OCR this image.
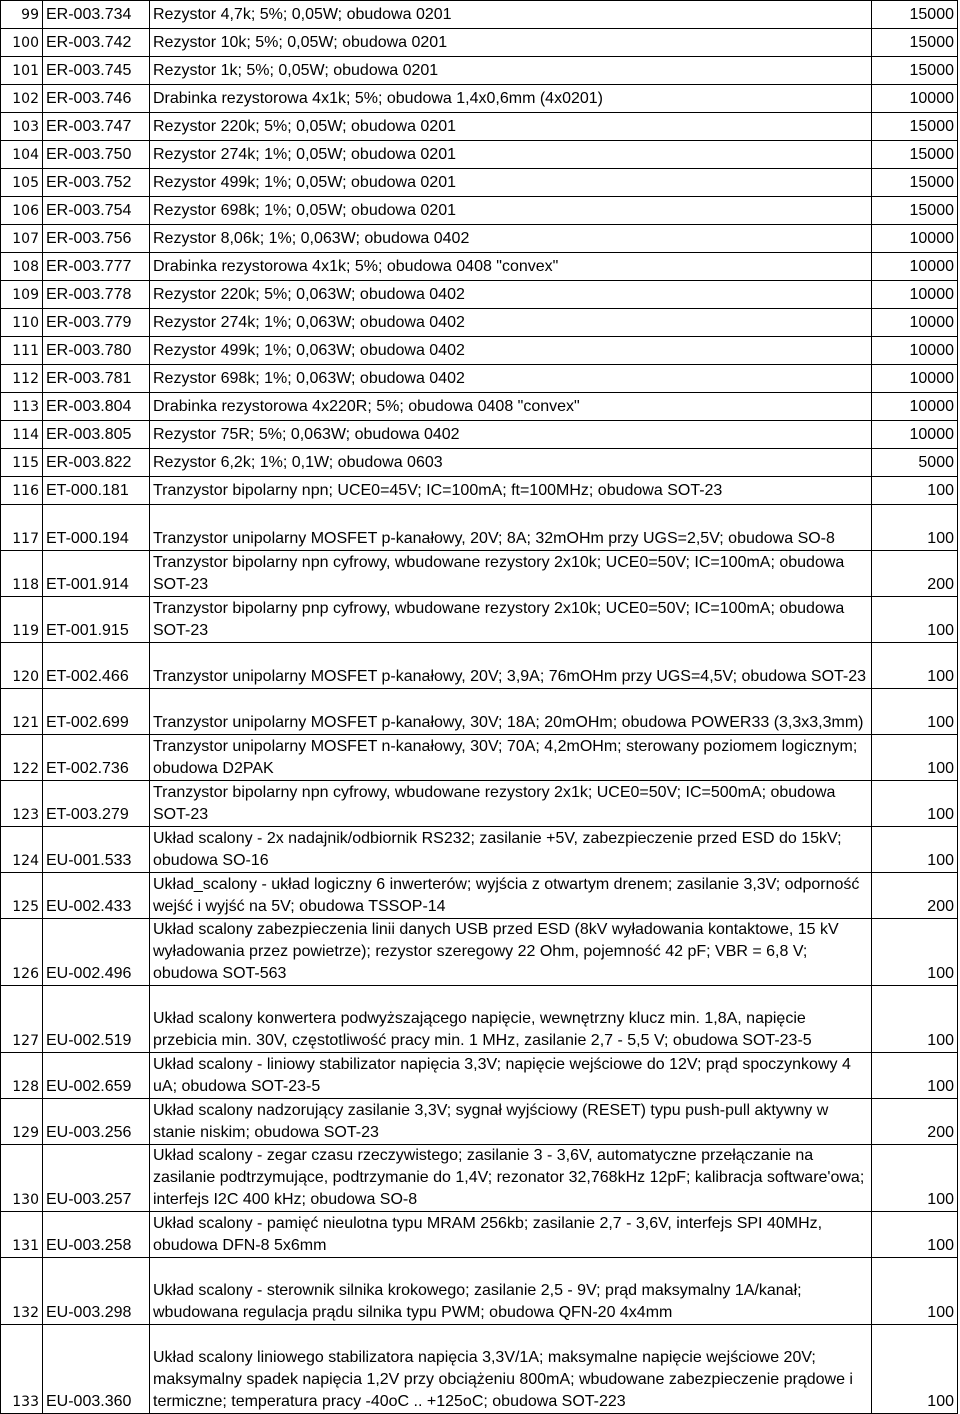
99	ER-003.734	Rezystor 4,7k; 5%; 0,05W; obudowa 0201	15000
100	ER-003.742	Rezystor 10k; 5%; 0,05W; obudowa 0201	15000
101	ER-003.745	Rezystor 1k; 5%; 0,05W; obudowa 0201	15000
102	ER-003.746	Drabinka rezystorowa 4x1k; 5%; obudowa 1,4x0,6mm (4x0201)	10000
103	ER-003.747	Rezystor 220k; 5%; 0,05W; obudowa 0201	15000
104	ER-003.750	Rezystor 274k; 1%; 0,05W; obudowa 0201	15000
105	ER-003.752	Rezystor 499k; 1%; 0,05W; obudowa 0201	15000
106	ER-003.754	Rezystor 698k; 1%; 0,05W; obudowa 0201	15000
107	ER-003.756	Rezystor 8,06k; 1%; 0,063W; obudowa 0402	10000
108	ER-003.777	Drabinka rezystorowa 4x1k; 5%; obudowa 0408 "convex"	10000
109	ER-003.778	Rezystor 220k; 5%; 0,063W; obudowa 0402	10000
110	ER-003.779	Rezystor 274k; 1%; 0,063W; obudowa 0402	10000
111	ER-003.780	Rezystor 499k; 1%; 0,063W; obudowa 0402	10000
112	ER-003.781	Rezystor 698k; 1%; 0,063W; obudowa 0402	10000
113	ER-003.804	Drabinka rezystorowa 4x220R; 5%; obudowa 0408 "convex"	10000
114	ER-003.805	Rezystor 75R; 5%; 0,063W; obudowa 0402	10000
115	ER-003.822	Rezystor 6,2k; 1%; 0,1W; obudowa 0603	5000
116	ET-000.181	Tranzystor bipolarny npn; UCE0=45V; IC=100mA; ft=100MHz; obudowa SOT-23	100
117	ET-000.194	Tranzystor unipolarny MOSFET p-kanałowy, 20V; 8A; 32mOHm przy UGS=2,5V; obudowa SO-8	100
118	ET-001.914	Tranzystor bipolarny npn cyfrowy, wbudowane rezystory 2x10k; UCE0=50V; IC=100mA; obudowa SOT-23	200
119	ET-001.915	Tranzystor bipolarny pnp cyfrowy, wbudowane rezystory 2x10k; UCE0=50V; IC=100mA; obudowa SOT-23	100
120	ET-002.466	Tranzystor unipolarny MOSFET p-kanałowy, 20V; 3,9A; 76mOHm przy UGS=4,5V; obudowa SOT-23	100
121	ET-002.699	Tranzystor unipolarny MOSFET p-kanałowy, 30V; 18A; 20mOHm; obudowa POWER33 (3,3x3,3mm)	100
122	ET-002.736	Tranzystor unipolarny MOSFET n-kanałowy, 30V; 70A; 4,2mOHm; sterowany poziomem logicznym; obudowa D2PAK	100
123	ET-003.279	Tranzystor bipolarny npn cyfrowy, wbudowane rezystory 2x1k; UCE0=50V; IC=500mA; obudowa SOT-23	100
124	EU-001.533	Układ scalony - 2x nadajnik/odbiornik RS232; zasilanie +5V, zabezpieczenie przed ESD do 15kV; obudowa SO-16	100
125	EU-002.433	Układ_scalony - układ logiczny 6 inwerterów; wyjścia z otwartym drenem; zasilanie 3,3V; odporność wejść i wyjść na 5V; obudowa TSSOP-14	200
126	EU-002.496	Układ scalony zabezpieczenia linii danych USB przed ESD (8kV wyładowania kontaktowe, 15 kV wyładowania przez powietrze); rezystor szeregowy 22 Ohm, pojemność 42 pF; VBR = 6,8 V; obudowa SOT-563	100
127	EU-002.519	Układ scalony konwertera podwyższającego napięcie, wewnętrzny klucz min. 1,8A, napięcie przebicia min. 30V, częstotliwość pracy min. 1 MHz, zasilanie 2,7 - 5,5 V; obudowa SOT-23-5	100
128	EU-002.659	Układ scalony - liniowy stabilizator napięcia 3,3V; napięcie wejściowe do 12V; prąd spoczynkowy 4 uA; obudowa SOT-23-5	100
129	EU-003.256	Układ scalony nadzorujący zasilanie 3,3V; sygnał wyjściowy (RESET) typu push-pull aktywny w stanie niskim; obudowa SOT-23	200
130	EU-003.257	Układ scalony - zegar czasu rzeczywistego; zasilanie 3 - 3,6V, automatyczne przełączanie na zasilanie podtrzymujące, podtrzymanie do 1,4V; rezonator 32,768kHz 12pF; kalibracja software'owa; interfejs I2C 400 kHz; obudowa SO-8	100
131	EU-003.258	Układ scalony - pamięć nieulotna typu MRAM 256kb; zasilanie 2,7 - 3,6V, interfejs SPI 40MHz, obudowa DFN-8 5x6mm	100
132	EU-003.298	Układ scalony - sterownik silnika krokowego; zasilanie 2,5 - 9V; prąd maksymalny 1A/kanał; wbudowana regulacja prądu silnika typu PWM; obudowa QFN-20 4x4mm	100
133	EU-003.360	Układ scalony liniowego stabilizatora napięcia 3,3V/1A; maksymalne napięcie wejściowe 20V; maksymalny spadek napięcia 1,2V przy obciążeniu 800mA; wbudowane zabezpieczenie prądowe i termiczne; temperatura pracy -40oC .. +125oC; obudowa SOT-223	100
